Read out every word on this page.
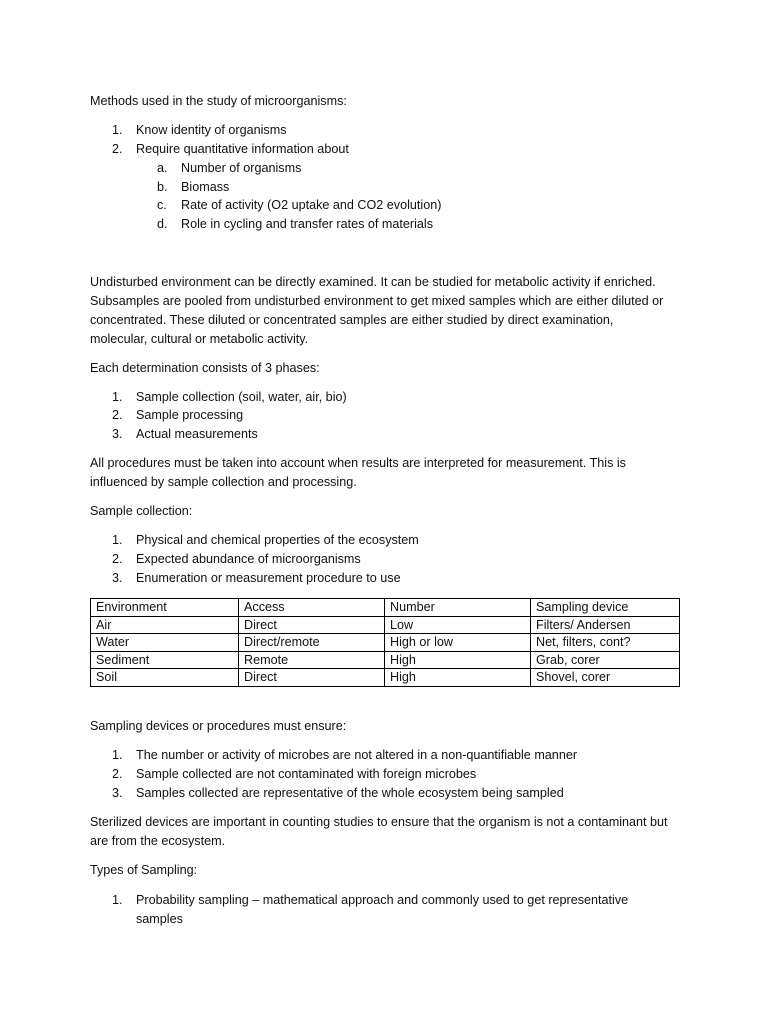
Methods used in the study of microorganisms:
1. Know identity of organisms
2. Require quantitative information about
a. Number of organisms
b. Biomass
c. Rate of activity (O2 uptake and CO2 evolution)
d. Role in cycling and transfer rates of materials
Undisturbed environment can be directly examined. It can be studied for metabolic activity if enriched.
Subsamples are pooled from undisturbed environment to get mixed samples which are either diluted or
concentrated. These diluted or concentrated samples are either studied by direct examination,
molecular, cultural or metabolic activity.
Each determination consists of 3 phases:
1. Sample collection (soil, water, air, bio)
2. Sample processing
3. Actual measurements
All procedures must be taken into account when results are interpreted for measurement. This is
influenced by sample collection and processing.
Sample collection:
1. Physical and chemical properties of the ecosystem
2. Expected abundance of microorganisms
3. Enumeration or measurement procedure to use
Environment	Access	Number	Sampling device
Air	Direct	Low	Filters/ Andersen
Water	Direct/remote	High or low	Net, filters, cont?
Sediment	Remote	High	Grab, corer
Soil	Direct	High	Shovel, corer
Sampling devices or procedures must ensure:
1. The number or activity of microbes are not altered in a non-quantifiable manner
2. Sample collected are not contaminated with foreign microbes
3. Samples collected are representative of the whole ecosystem being sampled
Sterilized devices are important in counting studies to ensure that the organism is not a contaminant but
are from the ecosystem.
Types of Sampling:
1. Probability sampling – mathematical approach and commonly used to get representative
samples
